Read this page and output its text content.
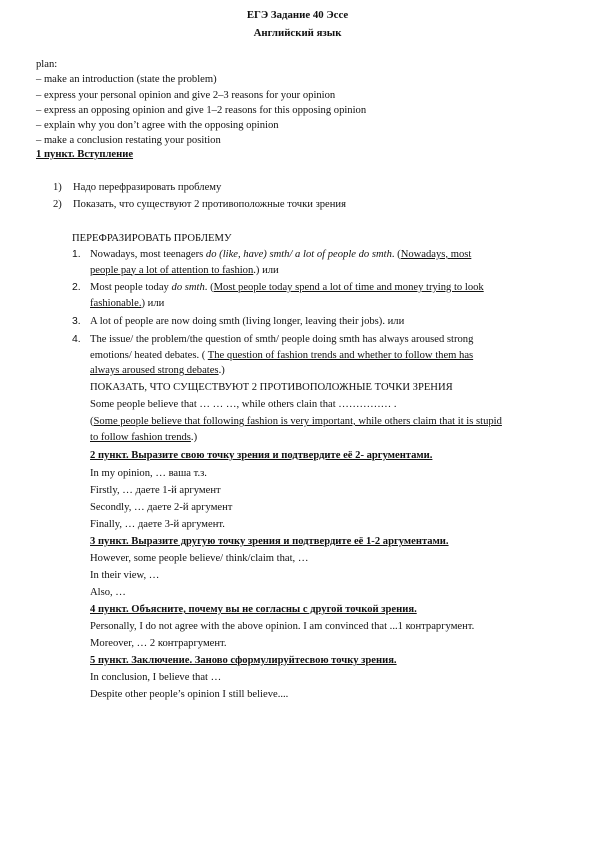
ЕГЭ Задание 40 Эссе
Английский язык
plan:
– make an introduction (state the problem)
– express your personal opinion and give 2–3 reasons for your opinion
– express an opposing opinion and give 1–2 reasons for this opposing opinion
– explain why you don’t agree with the opposing opinion
– make a conclusion restating your position
1 пункт. Вступление
1) Надо перефразировать проблему
2) Показать, что существуют 2 противоположные точки зрения
ПЕРЕФРАЗИРОВАТЬ ПРОБЛЕМУ
1. Nowadays, most teenagers do (like, have) smth/ a lot of people do smth. (Nowadays, most
people pay a lot of attention to fashion.) или
2. Most people today do smth. (Most people today spend a lot of time and money trying to look
fashionable.) или
3. A lot of people are now doing smth (living longer, leaving their jobs). или
4. The issue/ the problem/the question of smth/ people doing smth has always aroused strong
emotions/ heated debates. ( The question of fashion trends and whether to follow them has
always aroused strong debates.)
ПОКАЗАТЬ, ЧТО СУЩЕСТВУЮТ 2 ПРОТИВОПОЛОЖНЫЕ ТОЧКИ ЗРЕНИЯ
Some people believe that … … …, while others clain that …………… .
(Some people believe that following fashion is very important, while others claim that it is stupid
to follow fashion trends.)
2 пункт. Выразите свою точку зрения и подтвердите её 2- аргументами.
In my opinion, … ваша т.з.
Firstly, … даете 1-й аргумент
Secondly, … даете 2-й аргумент
Finally, … даете 3-й аргумент.
3 пункт. Выразите другую точку зрения и подтвердите её 1-2 аргументами.
However, some people believe/ think/claim that, …
In their view, …
Also, …
4 пункт. Объясните, почему вы не согласны с другой точкой зрения.
Personally, I do not agree with the above opinion. I am convinced that ...1 контраргумент.
Moreover, … 2 контраргумент.
5 пункт. Заключение. Заново сформулируйтесвою точку зрения.
In conclusion, I believe that …
Despite other people’s opinion I still believe....
